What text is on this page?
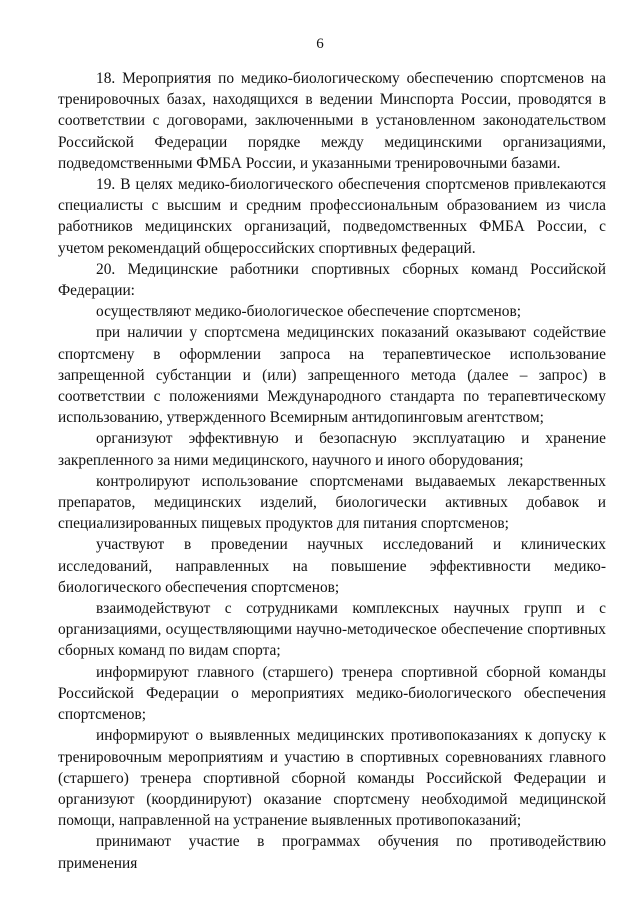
6

18. Мероприятия по медико-биологическому обеспечению спортсменов на тренировочных базах, находящихся в ведении Минспорта России, проводятся в соответствии с договорами, заключенными в установленном законодательством Российской Федерации порядке между медицинскими организациями, подведомственными ФМБА России, и указанными тренировочными базами.

19. В целях медико-биологического обеспечения спортсменов привлекаются специалисты с высшим и средним профессиональным образованием из числа работников медицинских организаций, подведомственных ФМБА России, с учетом рекомендаций общероссийских спортивных федераций.

20. Медицинские работники спортивных сборных команд Российской Федерации:

осуществляют медико-биологическое обеспечение спортсменов;

при наличии у спортсмена медицинских показаний оказывают содействие спортсмену в оформлении запроса на терапевтическое использование запрещенной субстанции и (или) запрещенного метода (далее – запрос) в соответствии с положениями Международного стандарта по терапевтическому использованию, утвержденного Всемирным антидопинговым агентством;

организуют эффективную и безопасную эксплуатацию и хранение закрепленного за ними медицинского, научного и иного оборудования;

контролируют использование спортсменами выдаваемых лекарственных препаратов, медицинских изделий, биологически активных добавок и специализированных пищевых продуктов для питания спортсменов;

участвуют в проведении научных исследований и клинических исследований, направленных на повышение эффективности медико-биологического обеспечения спортсменов;

взаимодействуют с сотрудниками комплексных научных групп и с организациями, осуществляющими научно-методическое обеспечение спортивных сборных команд по видам спорта;

информируют главного (старшего) тренера спортивной сборной команды Российской Федерации о мероприятиях медико-биологического обеспечения спортсменов;

информируют о выявленных медицинских противопоказаниях к допуску к тренировочным мероприятиям и участию в спортивных соревнованиях главного (старшего) тренера спортивной сборной команды Российской Федерации и организуют (координируют) оказание спортсмену необходимой медицинской помощи, направленной на устранение выявленных противопоказаний;

принимают участие в программах обучения по противодействию применения
